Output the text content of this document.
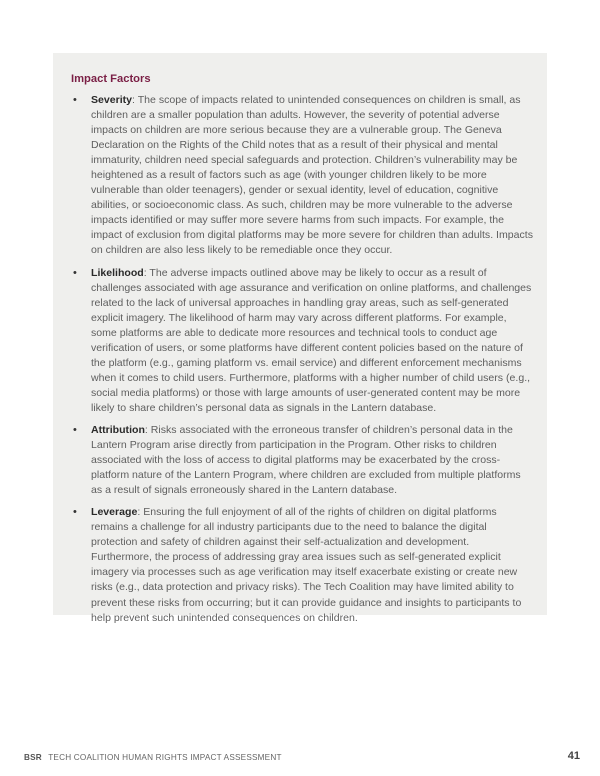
Impact Factors
• Severity: The scope of impacts related to unintended consequences on children is small, as children are a smaller population than adults. However, the severity of potential adverse impacts on children are more serious because they are a vulnerable group. The Geneva Declaration on the Rights of the Child notes that as a result of their physical and mental immaturity, children need special safeguards and protection. Children’s vulnerability may be heightened as a result of factors such as age (with younger children likely to be more vulnerable than older teenagers), gender or sexual identity, level of education, cognitive abilities, or socioeconomic class. As such, children may be more vulnerable to the adverse impacts identified or may suffer more severe harms from such impacts. For example, the impact of exclusion from digital platforms may be more severe for children than adults. Impacts on children are also less likely to be remediable once they occur.
• Likelihood: The adverse impacts outlined above may be likely to occur as a result of challenges associated with age assurance and verification on online platforms, and challenges related to the lack of universal approaches in handling gray areas, such as self-generated explicit imagery. The likelihood of harm may vary across different platforms. For example, some platforms are able to dedicate more resources and technical tools to conduct age verification of users, or some platforms have different content policies based on the nature of the platform (e.g., gaming platform vs. email service) and different enforcement mechanisms when it comes to child users. Furthermore, platforms with a higher number of child users (e.g., social media platforms) or those with large amounts of user-generated content may be more likely to share children’s personal data as signals in the Lantern database.
• Attribution: Risks associated with the erroneous transfer of children’s personal data in the Lantern Program arise directly from participation in the Program. Other risks to children associated with the loss of access to digital platforms may be exacerbated by the cross-platform nature of the Lantern Program, where children are excluded from multiple platforms as a result of signals erroneously shared in the Lantern database.
• Leverage: Ensuring the full enjoyment of all of the rights of children on digital platforms remains a challenge for all industry participants due to the need to balance the digital protection and safety of children against their self-actualization and development. Furthermore, the process of addressing gray area issues such as self-generated explicit imagery via processes such as age verification may itself exacerbate existing or create new risks (e.g., data protection and privacy risks). The Tech Coalition may have limited ability to prevent these risks from occurring; but it can provide guidance and insights to participants to help prevent such unintended consequences on children.
BSR TECH COALITION HUMAN RIGHTS IMPACT ASSESSMENT	41
